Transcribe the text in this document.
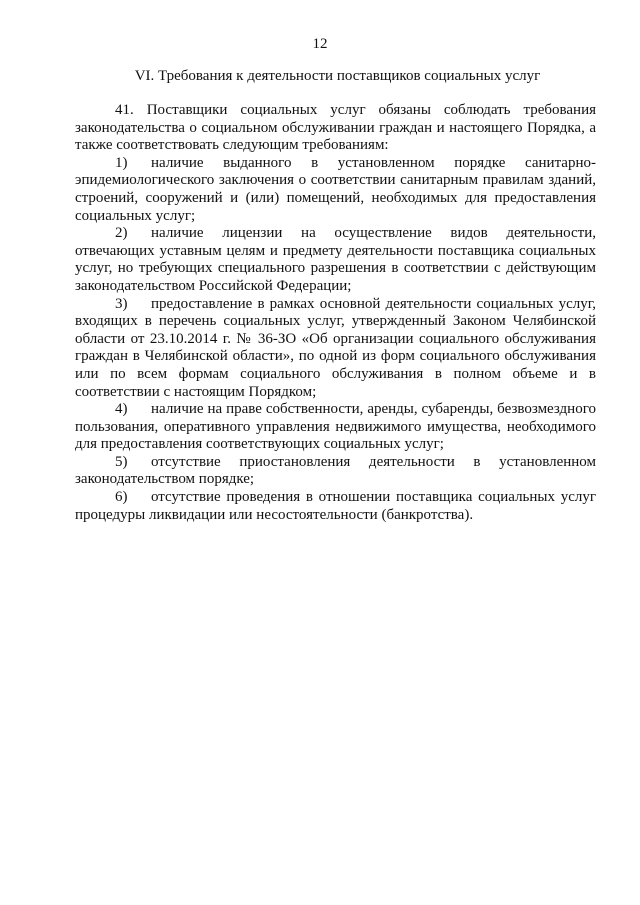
12
VI. Требования к деятельности поставщиков социальных услуг

41. Поставщики социальных услуг обязаны соблюдать требования законодательства о социальном обслуживании граждан и настоящего Порядка, а также соответствовать следующим требованиям:

1) наличие выданного в установленном порядке санитарно-эпидемиологического заключения о соответствии санитарным правилам зданий, строений, сооружений и (или) помещений, необходимых для предоставления социальных услуг;

2) наличие лицензии на осуществление видов деятельности, отвечающих уставным целям и предмету деятельности поставщика социальных услуг, но требующих специального разрешения в соответствии с действующим законодательством Российской Федерации;

3) предоставление в рамках основной деятельности социальных услуг, входящих в перечень социальных услуг, утвержденный Законом Челябинской области от 23.10.2014 г. № 36-ЗО «Об организации социального обслуживания граждан в Челябинской области», по одной из форм социального обслуживания или по всем формам социального обслуживания в полном объеме и в соответствии с настоящим Порядком;

4) наличие на праве собственности, аренды, субаренды, безвозмездного пользования, оперативного управления недвижимого имущества, необходимого для предоставления соответствующих социальных услуг;

5) отсутствие приостановления деятельности в установленном законодательством порядке;

6) отсутствие проведения в отношении поставщика социальных услуг процедуры ликвидации или несостоятельности (банкротства).
